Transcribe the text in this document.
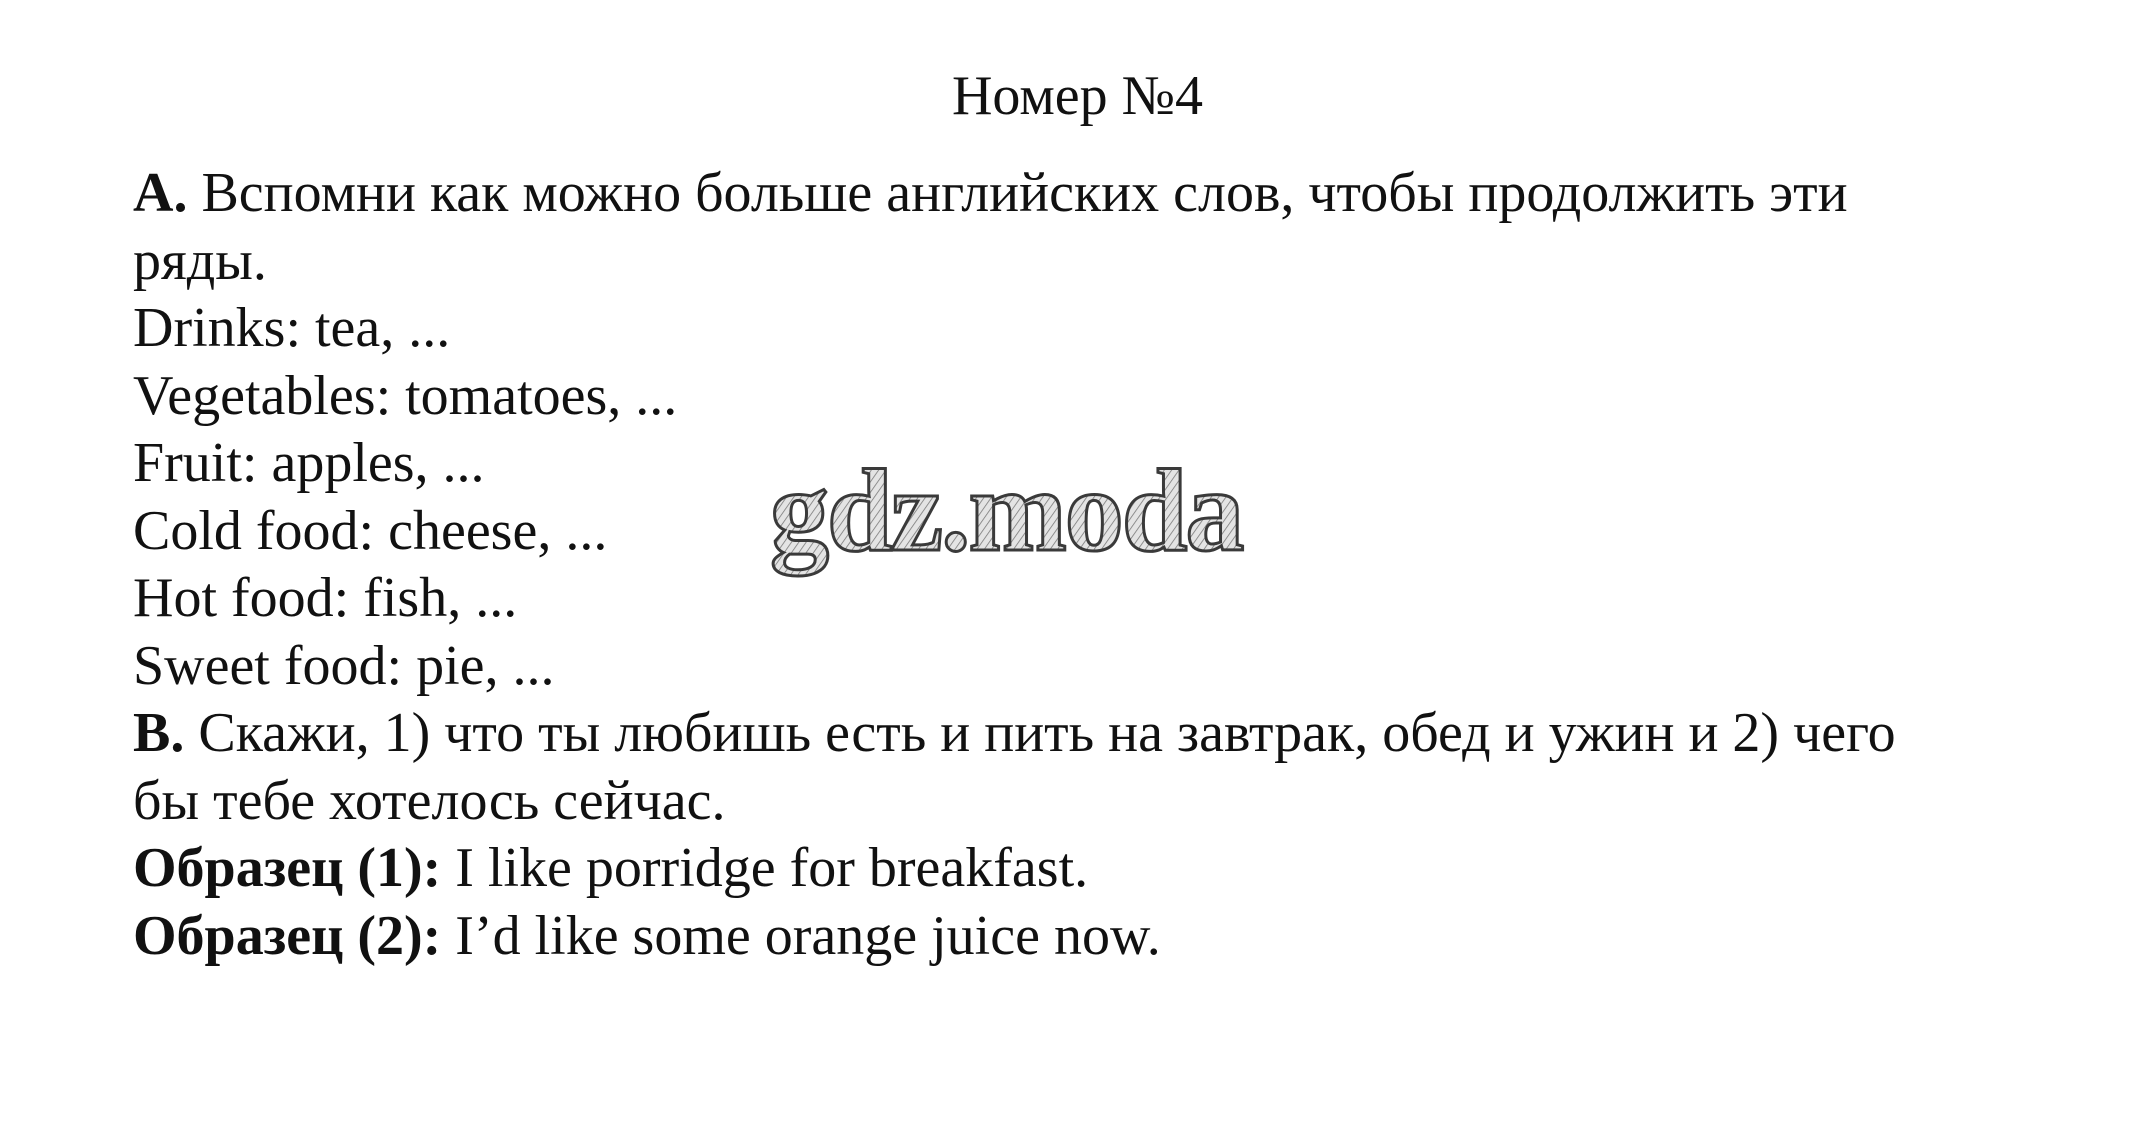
Номер №4
А. Вспомни как можно больше английских слов, чтобы продолжить эти
ряды.
Drinks: tea, ...
Vegetables: tomatoes, ...
Fruit: apples, ...
Cold food: cheese, ...
Hot food: fish, ...
Sweet food: pie, ...
В. Скажи, 1) что ты любишь есть и пить на завтрак, обед и ужин и 2) чего
бы тебе хотелось сейчас.
Образец (1): I like porridge for breakfast.
Образец (2): I’d like some orange juice now.
gdz.moda
